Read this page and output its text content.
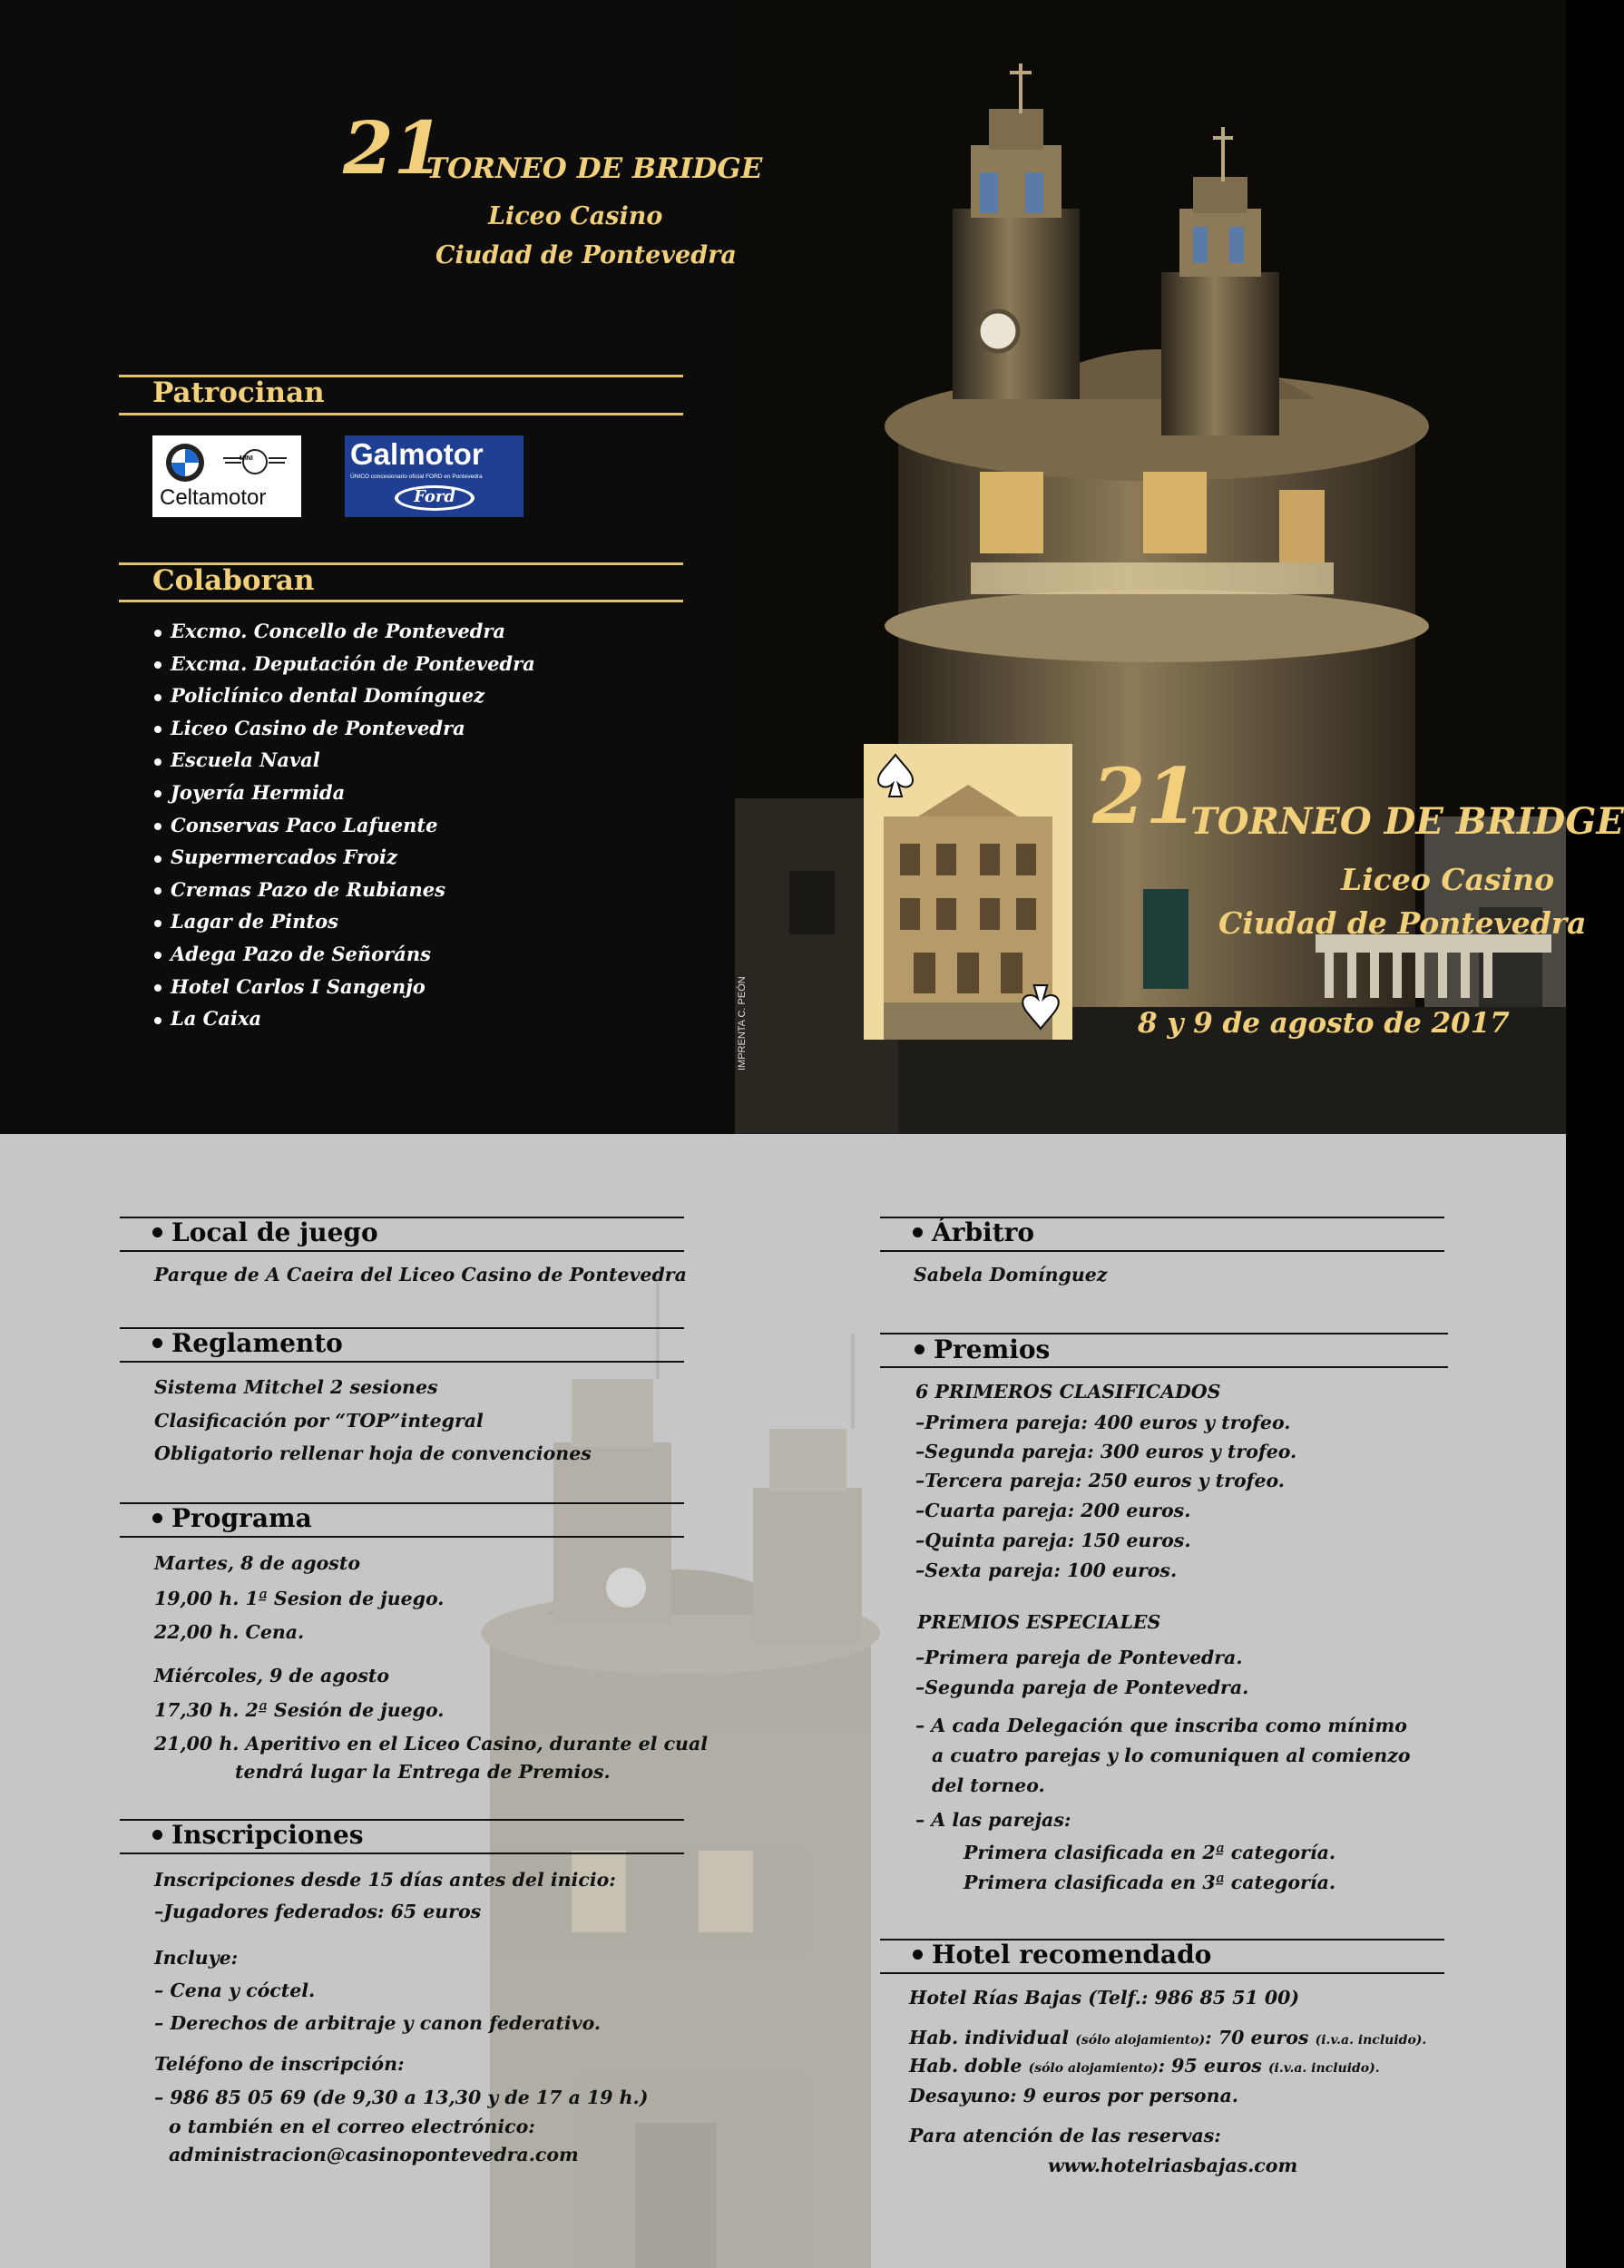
21
TORNEO DE BRIDGE
Liceo Casino
Ciudad de Pontevedra
Patrocinan
MINI
Celtamotor
Galmotor
ÚNICO concesionario oficial FORD en Pontevedra
Ford
Colaboran
Excmo. Concello de Pontevedra
Excma. Deputación de Pontevedra
Policlínico dental Domínguez
Liceo Casino de Pontevedra
Escuela Naval
Joyería Hermida
Conservas Paco Lafuente
Supermercados Froiz
Cremas Pazo de Rubianes
Lagar de Pintos
Adega Pazo de Señoráns
Hotel Carlos I Sangenjo
La Caixa	IMPRENTA C. PEÓN
21
TORNEO DE BRIDGE
Liceo Casino
Ciudad de Pontevedra
8 y 9 de agosto de 2017
Local de juego
Parque de A Caeira del Liceo Casino de Pontevedra
Reglamento
Sistema Mitchel 2 sesiones
Clasificación por “TOP”integral
Obligatorio rellenar hoja de convenciones
Programa
Martes, 8 de agosto
19,00 h. 1ª Sesion de juego.
22,00 h. Cena.
Miércoles, 9 de agosto
17,30 h. 2ª Sesión de juego.
21,00 h. Aperitivo en el Liceo Casino, durante el cual
tendrá lugar la Entrega de Premios.
Inscripciones
Inscripciones desde 15 días antes del inicio:
–Jugadores federados: 65 euros
Incluye:
– Cena y cóctel.
– Derechos de arbitraje y canon federativo.
Teléfono de inscripción:
– 986 85 05 69 (de 9,30 a 13,30 y de 17 a 19 h.)
o también en el correo electrónico:
administracion@casinopontevedra.com
Árbitro
Sabela Domínguez
Premios
6 PRIMEROS CLASIFICADOS
–Primera pareja: 400 euros y trofeo.
–Segunda pareja: 300 euros y trofeo.
–Tercera pareja: 250 euros y trofeo.
–Cuarta pareja: 200 euros.
–Quinta pareja: 150 euros.
–Sexta pareja: 100 euros.
PREMIOS ESPECIALES
–Primera pareja de Pontevedra.
–Segunda pareja de Pontevedra.
– A cada Delegación que inscriba como mínimo
a cuatro parejas y lo comuniquen al comienzo
del torneo.
– A las parejas:
Primera clasificada en 2ª categoría.
Primera clasificada en 3ª categoría.
Hotel recomendado
Hotel Rías Bajas (Telf.: 986 85 51 00)
Hab. individual (sólo alojamiento): 70 euros (i.v.a. incluido).
Hab. doble (sólo alojamiento): 95 euros (i.v.a. incluido).
Desayuno: 9 euros por persona.
Para atención de las reservas:
www.hotelriasbajas.com
